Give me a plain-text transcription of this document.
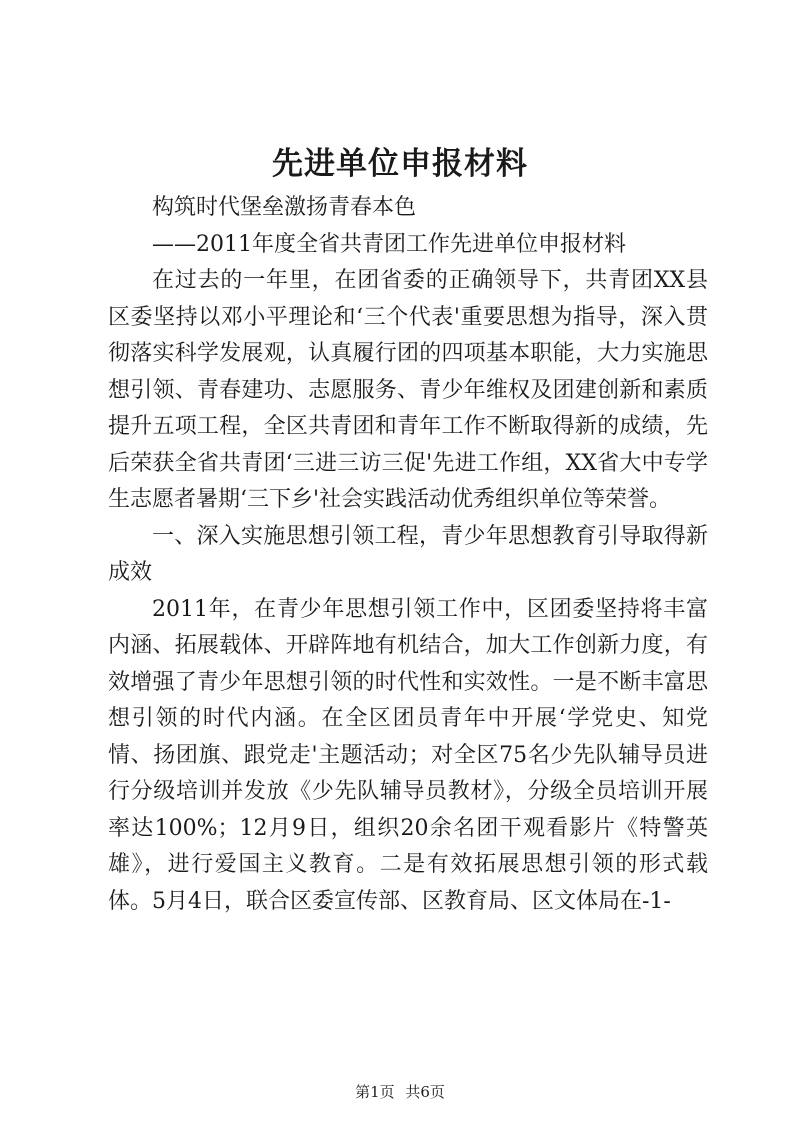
先进单位申报材料

构筑时代堡垒激扬青春本色

——2011年度全省共青团工作先进单位申报材料

在过去的一年里，在团省委的正确领导下，共青团XX县区委坚持以邓小平理论和‘三个代表'重要思想为指导，深入贯彻落实科学发展观，认真履行团的四项基本职能，大力实施思想引领、青春建功、志愿服务、青少年维权及团建创新和素质提升五项工程，全区共青团和青年工作不断取得新的成绩，先后荣获全省共青团‘三进三访三促'先进工作组，XX省大中专学生志愿者暑期‘三下乡'社会实践活动优秀组织单位等荣誉。

一、深入实施思想引领工程，青少年思想教育引导取得新成效

2011年，在青少年思想引领工作中，区团委坚持将丰富内涵、拓展载体、开辟阵地有机结合，加大工作创新力度，有效增强了青少年思想引领的时代性和实效性。一是不断丰富思想引领的时代内涵。在全区团员青年中开展‘学党史、知党情、扬团旗、跟党走'主题活动；对全区75名少先队辅导员进行分级培训并发放《少先队辅导员教材》，分级全员培训开展率达100%；12月9日，组织20余名团干观看影片《特警英雄》，进行爱国主义教育。二是有效拓展思想引领的形式载体。5月4日，联合区委宣传部、区教育局、区文体局在-1-

第1页 共6页
